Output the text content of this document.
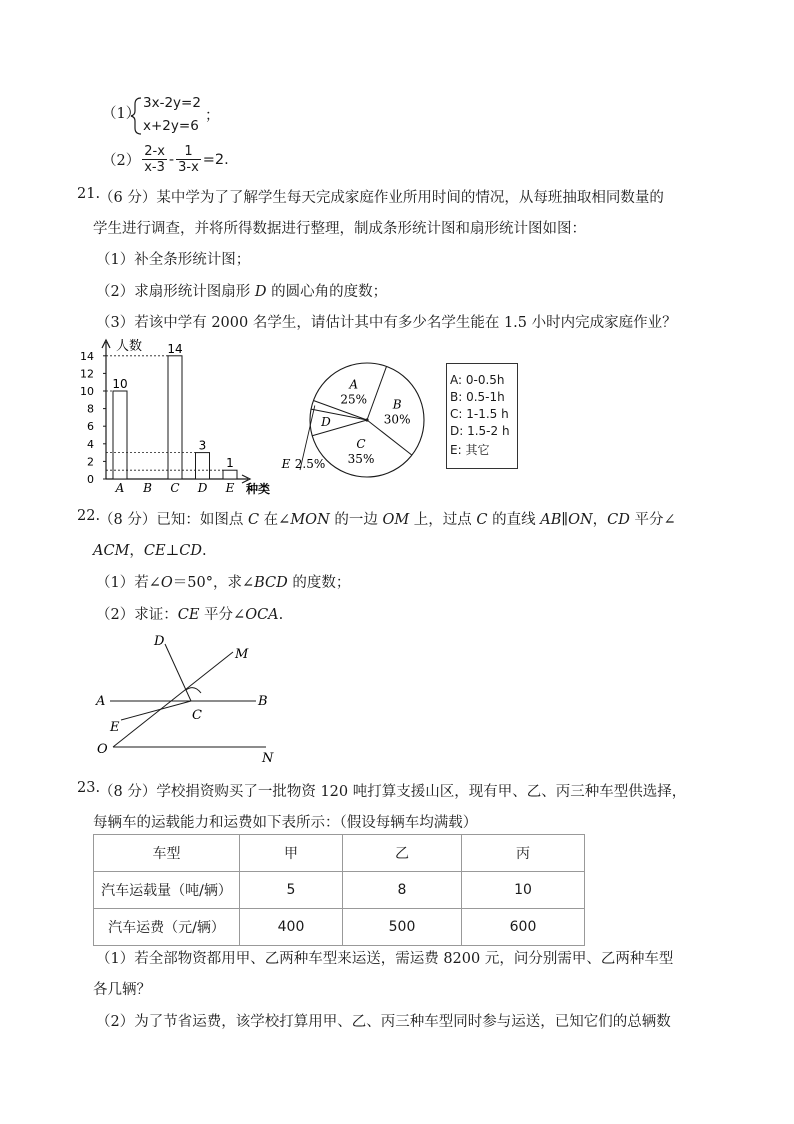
（1）
3x-2y=2
x+2y=6
；
$(2) \frac{2-x}{x-3} - \frac{1}{3-x} =2$.
21.
（6 分）某中学为了了解学生每天完成家庭作业所用时间的情况，从每班抽取相同数量的
学生进行调查，并将所得数据进行整理，制成条形统计图和扇形统计图如图：
（1）补全条形统计图；
（2）求扇形统计图扇形 D 的圆心角的度数；
（3）若该中学有 2000 名学生，请估计其中有多少名学生能在 1.5 小时内完成家庭作业？
人数
种类
0
2
4
6
8
10
12
14
A B C D E
10
14
3
1
A
25% B
30%
C
35%
D
E 2.5%
A: 0-0.5h
B: 0.5-1h
C: 1-1.5 h
D: 1.5-2 h
E: 其它
22.
（8 分）已知：如图点 C 在∠MON 的一边 OM 上，过点 C 的直线 AB∥ON，CD 平分∠
ACM，CE⊥CD.
（1）若∠O＝50°，求∠BCD 的度数；
（2）求证：CE 平分∠OCA.
D
M
A	B
C
E
O
N
23.
（8 分）学校捐资购买了一批物资 120 吨打算支援山区，现有甲、乙、丙三种车型供选择，
每辆车的运载能力和运费如下表所示：（假设每辆车均满载）
车型	甲	乙	丙
汽车运载量（吨/辆）	5	8	10
汽车运费（元/辆）	400	500	600
（1）若全部物资都用甲、乙两种车型来运送，需运费 8200 元，问分别需甲、乙两种车型
各几辆？
（2）为了节省运费，该学校打算用甲、乙、丙三种车型同时参与运送，已知它们的总辆数
